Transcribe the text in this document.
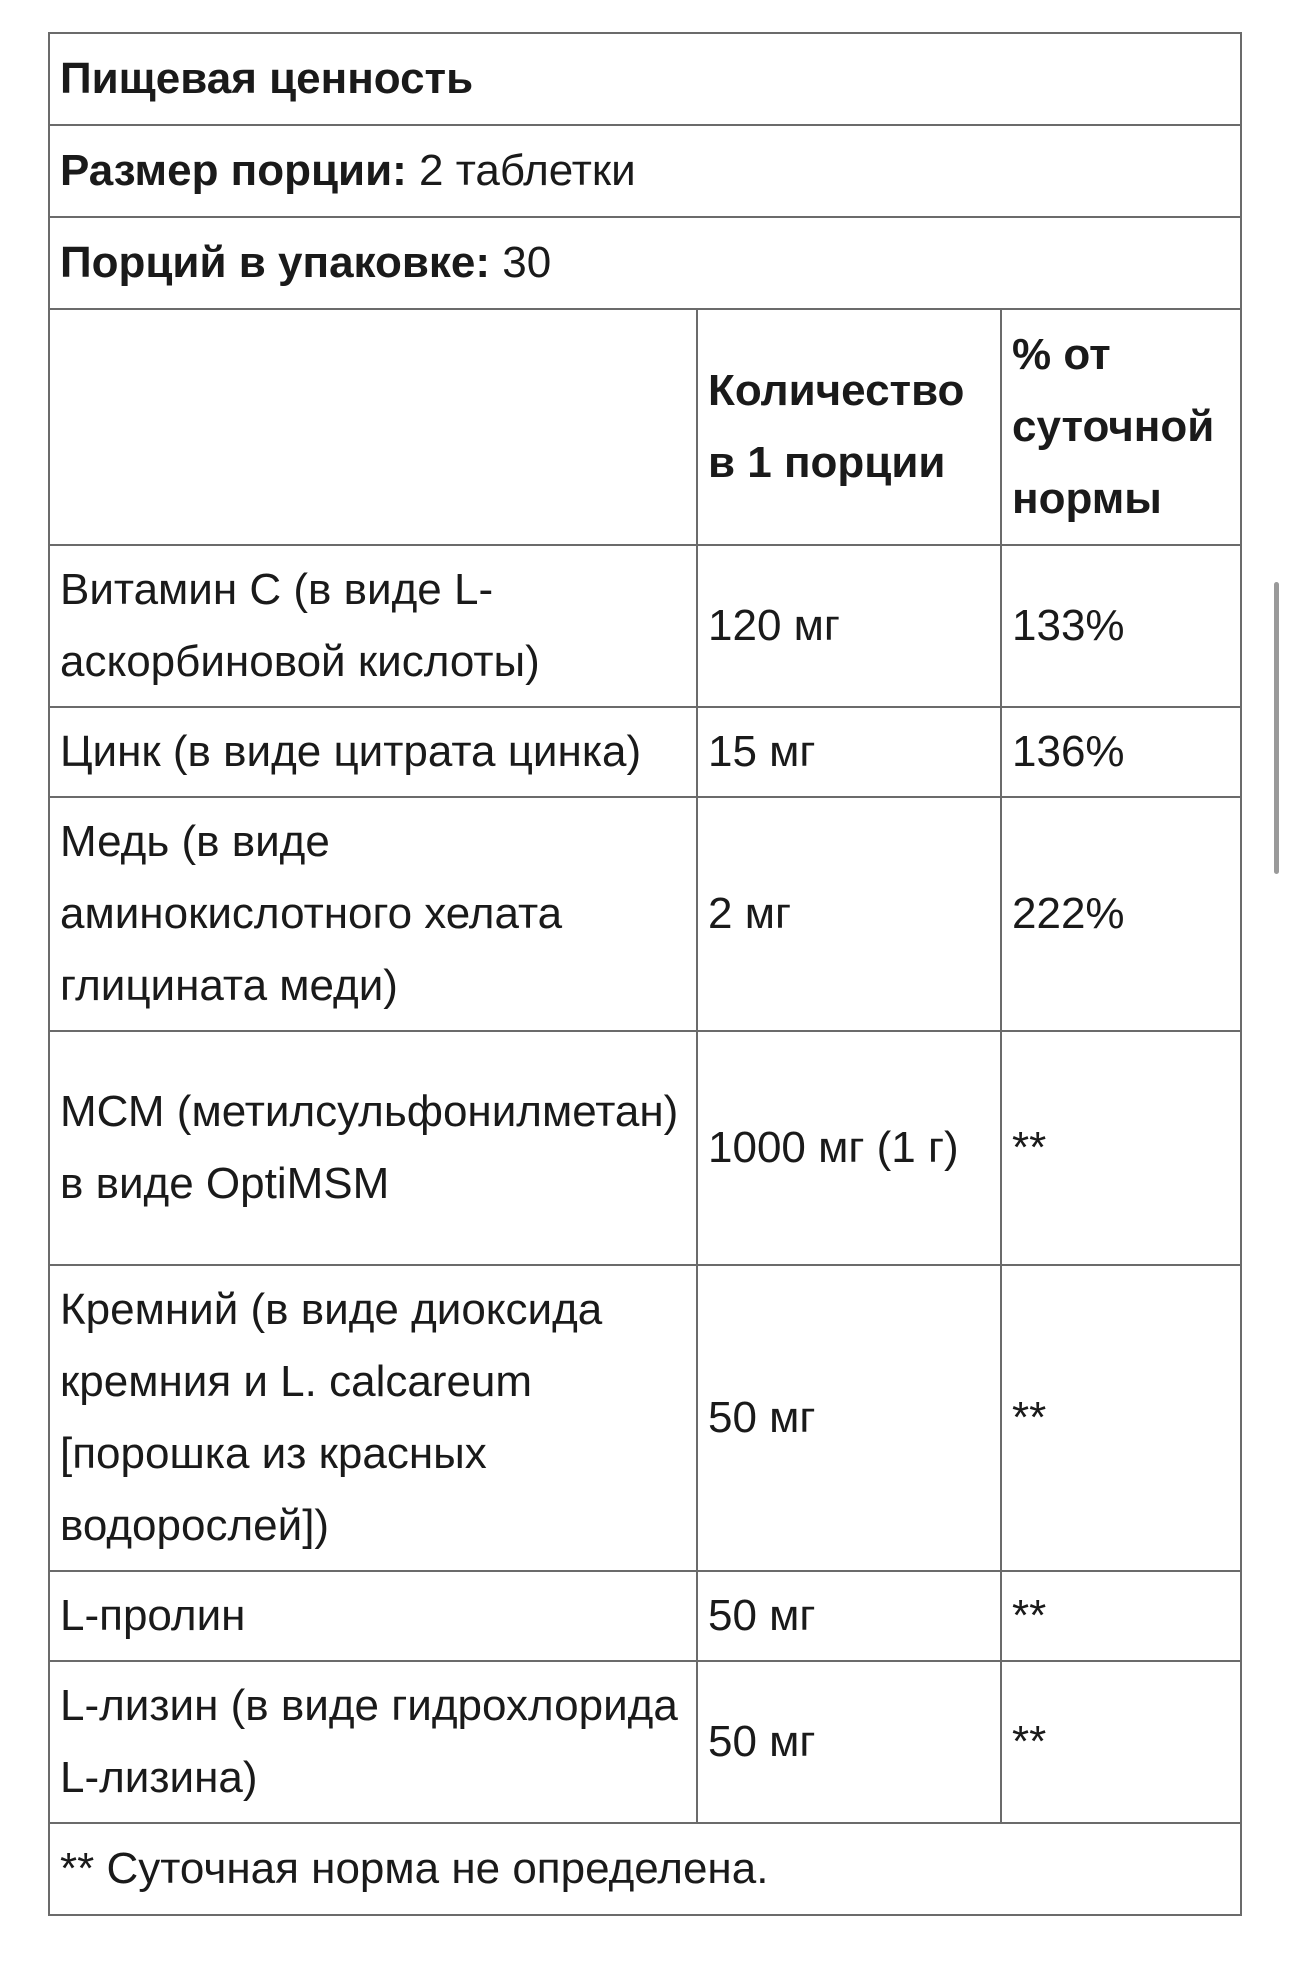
Пищевая ценность		
Размер порции: 2 таблетки		
Порций в упаковке: 30		
	Количество в 1 порции	% от суточной нормы
Витамин С (в виде L-аскорбиновой кислоты)	120 мг	133%
Цинк (в виде цитрата цинка)	15 мг	136%
Медь (в виде аминокислотного хелата глицината меди)	2 мг	222%
МСМ (метилсульфонилметан) в виде OptiMSM	1000 мг (1 г)	**
Кремний (в виде диоксида кремния и L. calcareum [порошка из красных водорослей])	50 мг	**
L-пролин	50 мг	**
L-лизин (в виде гидрохлорида L-лизина)	50 мг	**
** Суточная норма не определена.		
